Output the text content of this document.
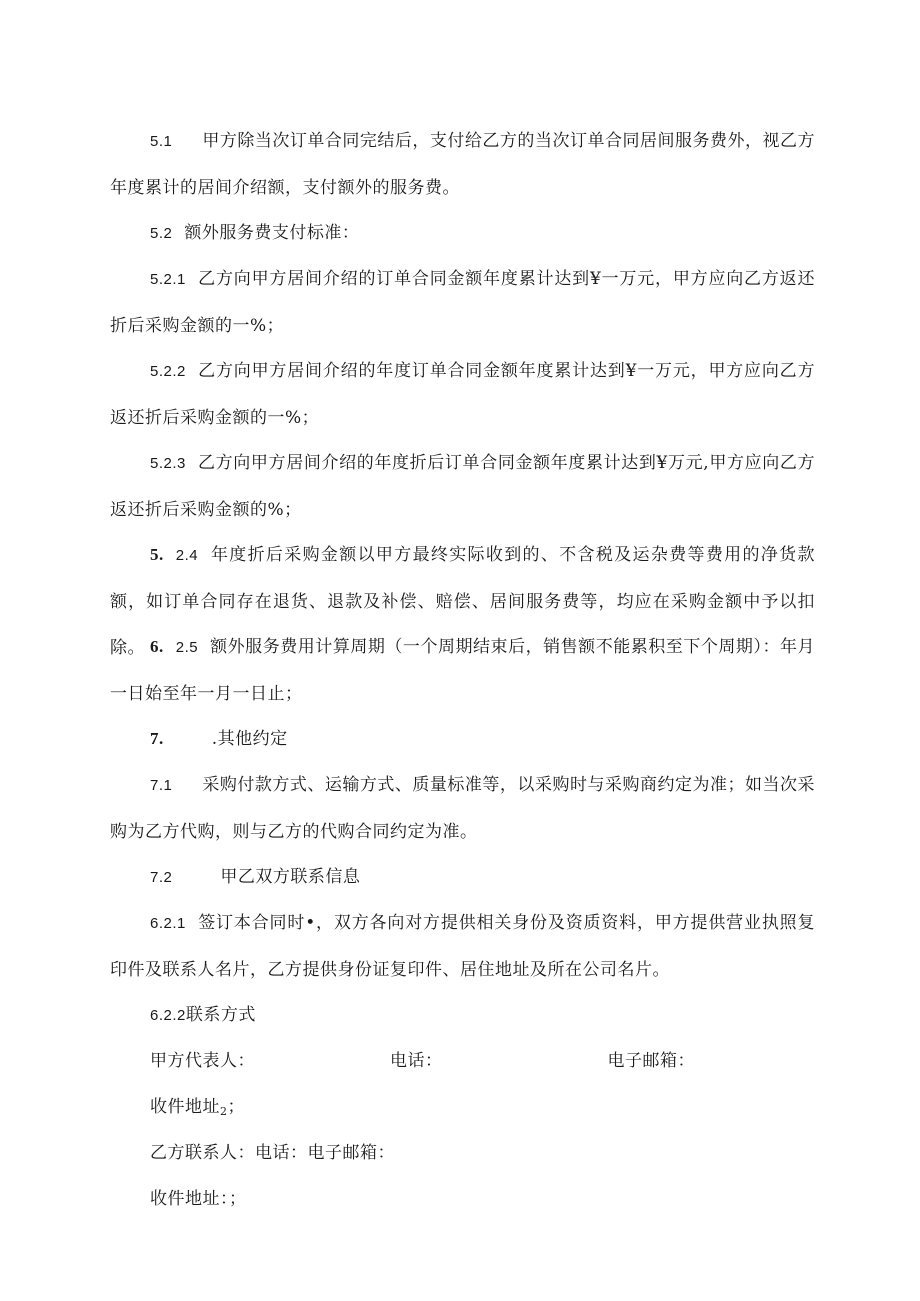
5.1 甲方除当次订单合同完结后，支付给乙方的当次订单合同居间服务费外，视乙方年度累计的居间介绍额，支付额外的服务费。

5.2 额外服务费支付标准：

5.2.1 乙方向甲方居间介绍的订单合同金额年度累计达到¥一万元，甲方应向乙方返还折后采购金额的一%；

5.2.2 乙方向甲方居间介绍的年度订单合同金额年度累计达到¥一万元，甲方应向乙方返还折后采购金额的一%；

5.2.3 乙方向甲方居间介绍的年度折后订单合同金额年度累计达到¥万元,甲方应向乙方返还折后采购金额的%；

5. 2.4 年度折后采购金额以甲方最终实际收到的、不含税及运杂费等费用的净货款额，如订单合同存在退货、退款及补偿、赔偿、居间服务费等，均应在采购金额中予以扣除。 6. 2.5 额外服务费用计算周期（一个周期结束后，销售额不能累积至下个周期）：年月一日始至年一月一日止；

7.	.其他约定

7.1 采购付款方式、运输方式、质量标准等，以采购时与采购商约定为准；如当次采购为乙方代购，则与乙方的代购合同约定为准。

7.2	甲乙双方联系信息

6.2.1 签订本合同时•，双方各向对方提供相关身份及资质资料，甲方提供营业执照复印件及联系人名片，乙方提供身份证复印件、居住地址及所在公司名片。

6.2.2联系方式

甲方代表人：	电话：	电子邮箱：

收件地址$_2$；

乙方联系人：电话：电子邮箱：

收件地址：；
